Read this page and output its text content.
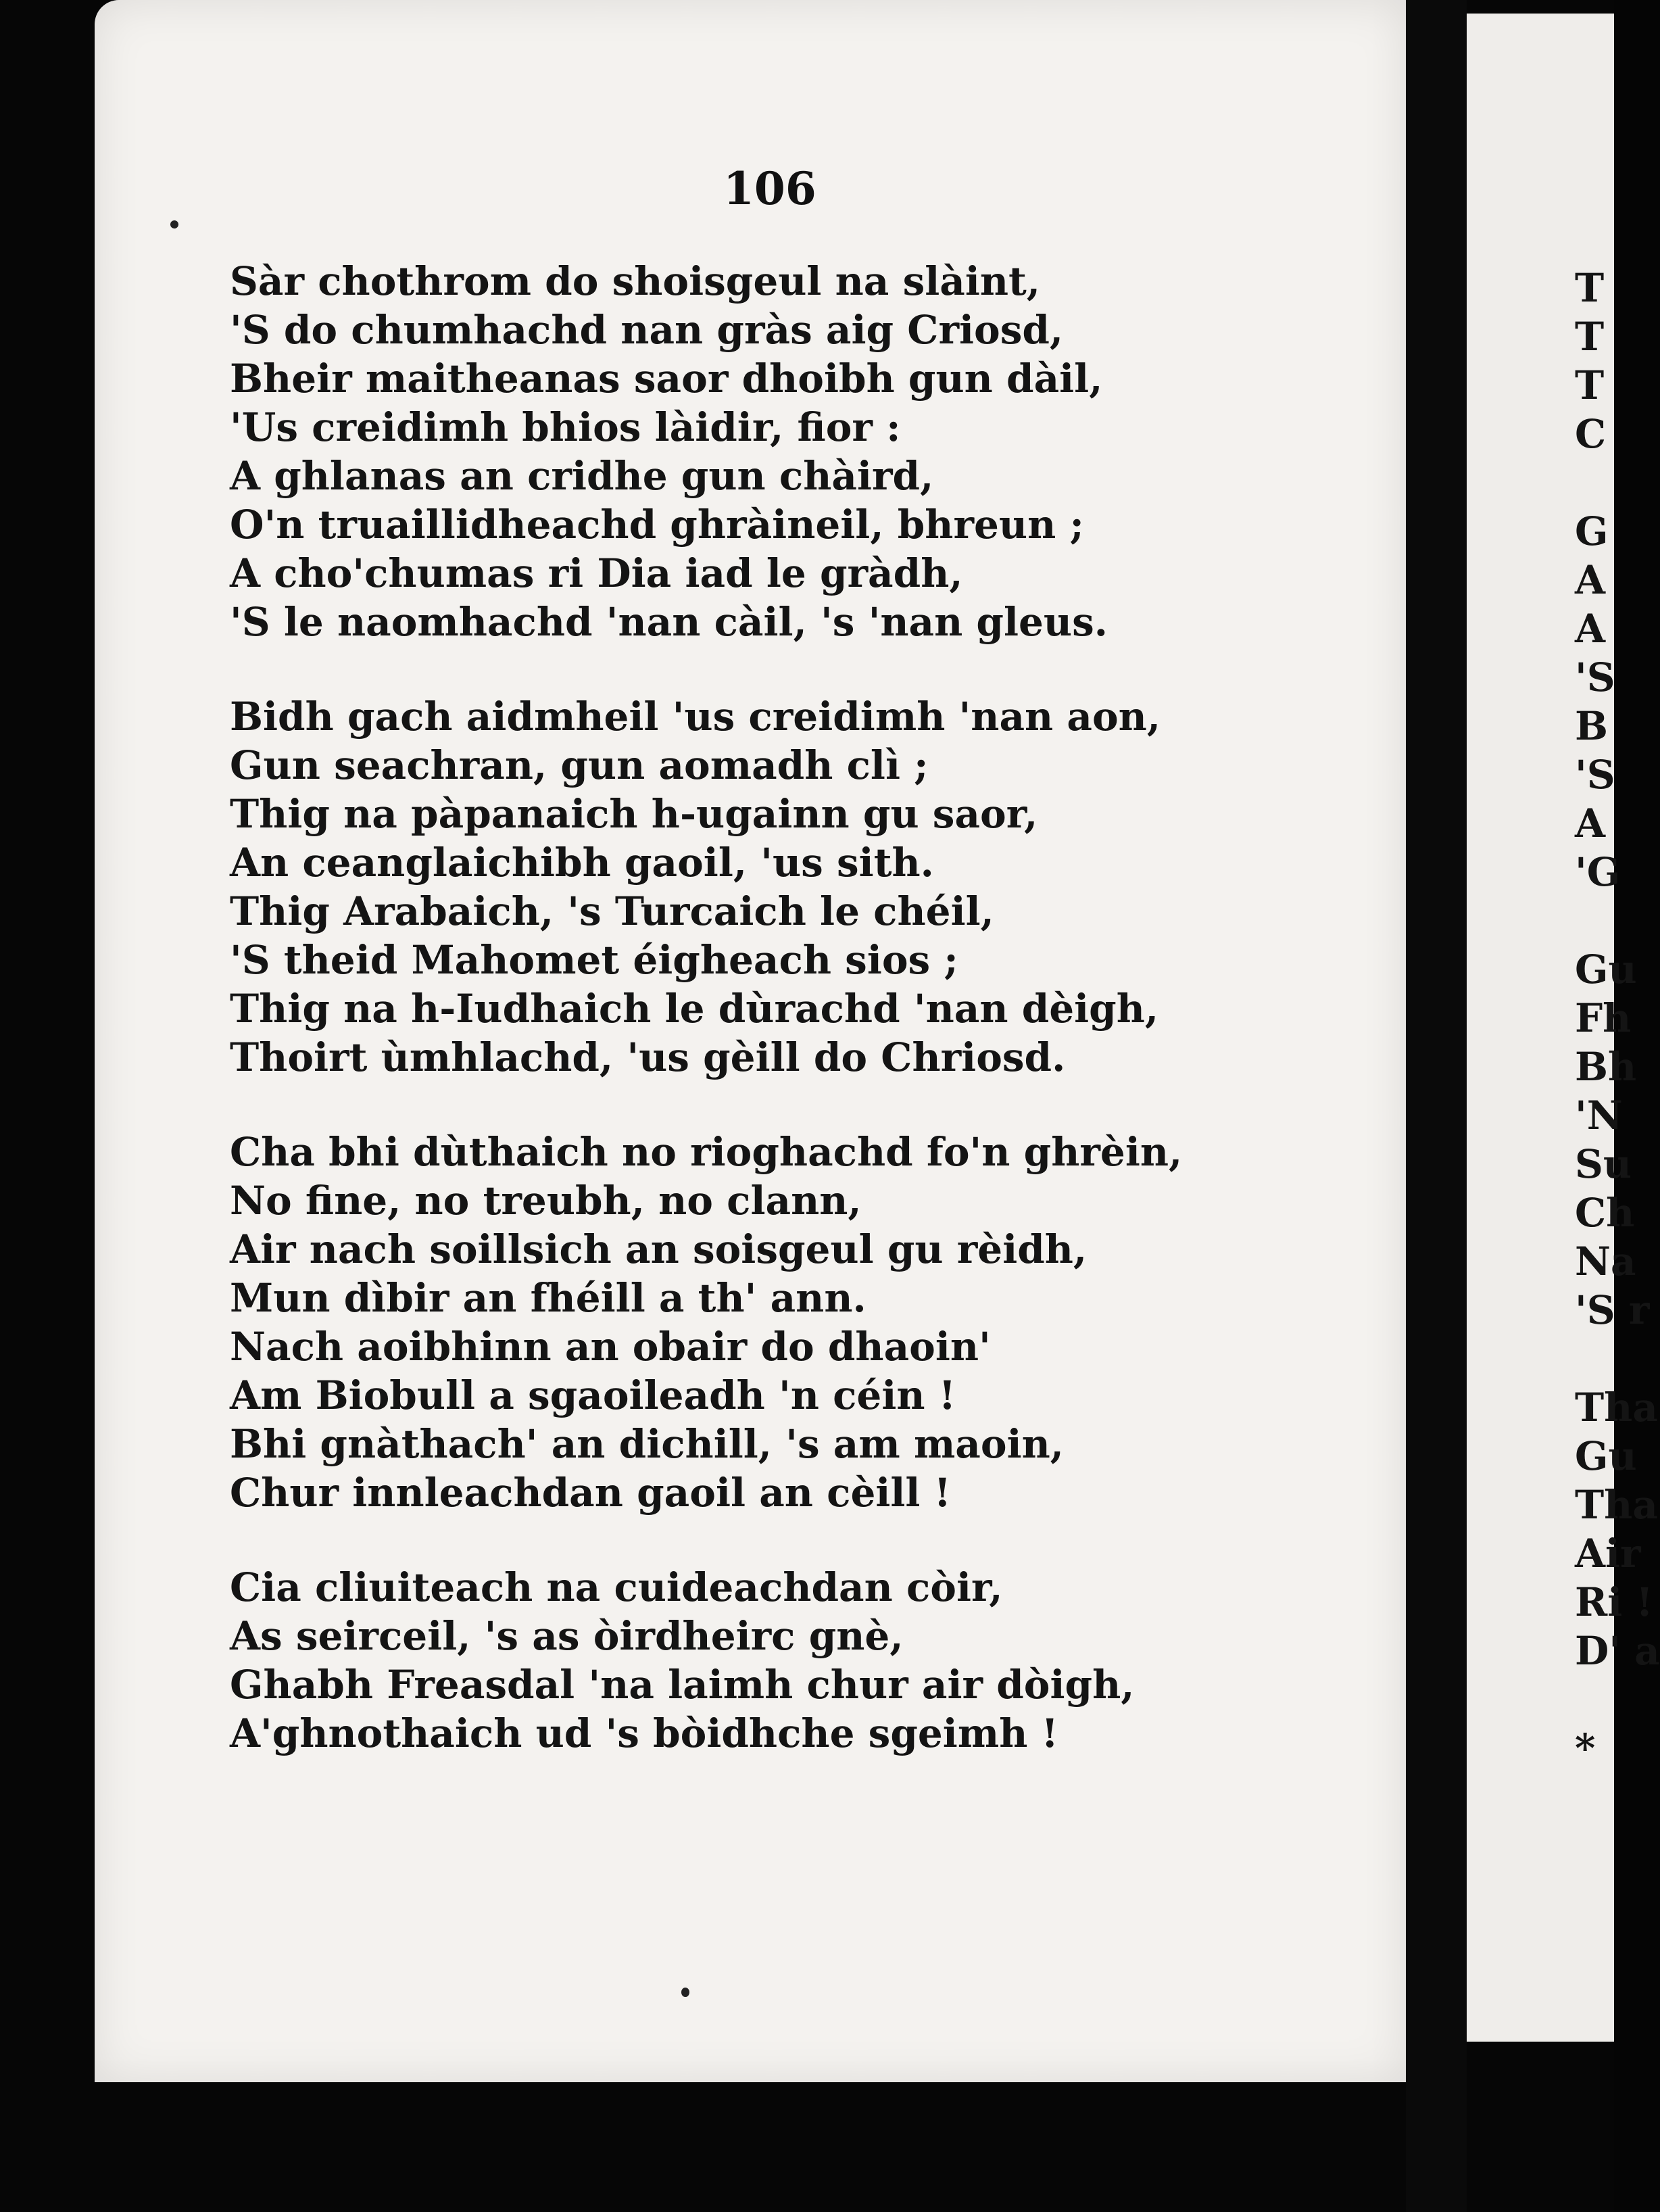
106
Sàr chothrom do shoisgeul na slàint,
'S do chumhachd nan gràs aig Criosd,
Bheir maitheanas saor dhoibh gun dàil,
'Us creidimh bhios làidir, fior :
A ghlanas an cridhe gun chàird,
O'n truaillidheachd ghràineil, bhreun ;
A cho'chumas ri Dia iad le gràdh,
'S le naomhachd 'nan càil, 's 'nan gleus.
Bidh gach aidmheil 'us creidimh 'nan aon,
Gun seachran, gun aomadh clì ;
Thig na pàpanaich h-ugainn gu saor,
An ceanglaichibh gaoil, 'us sith.
Thig Arabaich, 's Turcaich le chéil,
'S theid Mahomet éigheach sios ;
Thig na h-Iudhaich le dùrachd 'nan dèigh,
Thoirt ùmhlachd, 'us gèill do Chriosd.
Cha bhi dùthaich no rioghachd fo'n ghrèin,
No fine, no treubh, no clann,
Air nach soillsich an soisgeul gu rèidh,
Mun dìbir an fhéill a th' ann.
Nach aoibhinn an obair do dhaoin'
Am Biobull a sgaoileadh 'n céin !
Bhi gnàthach' an dichill, 's am maoin,
Chur innleachdan gaoil an cèill !
Cia cliuiteach na cuideachdan còir,
As seirceil, 's as òirdheirc gnè,
Ghabh Freasdal 'na laimh chur air dòigh,
A'ghnothaich ud 's bòidhche sgeimh !
T
T
T
C
G
A
A
'S
B
'S
A
'G
Gu
Fh
Bh
'N
Su
Ch
Na
'S r
Tha
Gu
Tha
Air
Ri !
D' a
*
